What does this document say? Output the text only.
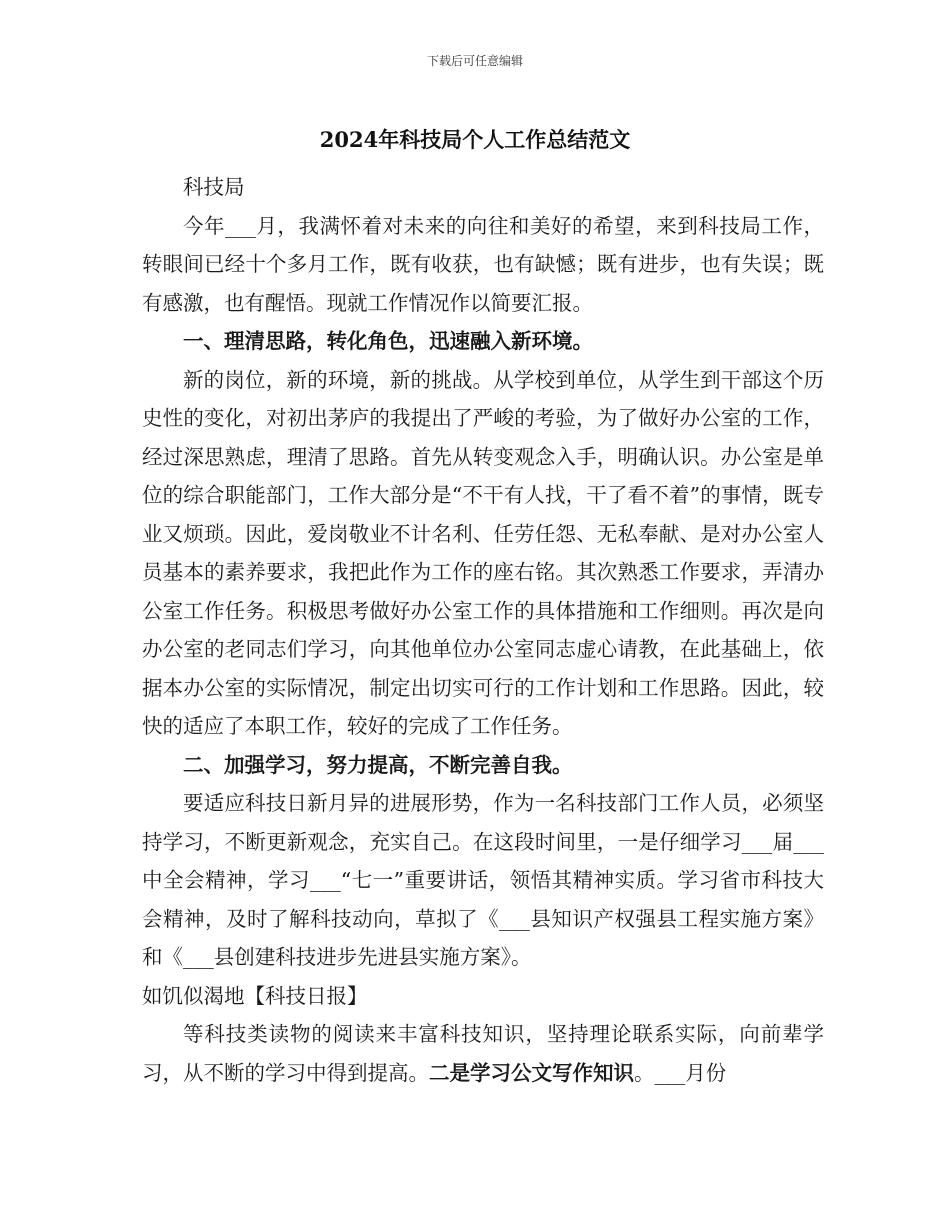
下载后可任意编辑
2024年科技局个人工作总结范文

科技局

今年___月，我满怀着对未来的向往和美好的希望，来到科技局工作，转眼间已经十个多月工作，既有收获，也有缺憾；既有进步，也有失误；既有感激，也有醒悟。现就工作情况作以简要汇报。

一、理清思路，转化角色，迅速融入新环境。

新的岗位，新的环境，新的挑战。从学校到单位，从学生到干部这个历史性的变化，对初出茅庐的我提出了严峻的考验，为了做好办公室的工作，经过深思熟虑，理清了思路。首先从转变观念入手，明确认识。办公室是单位的综合职能部门，工作大部分是“不干有人找，干了看不着”的事情，既专业又烦琐。因此，爱岗敬业不计名利、任劳任怨、无私奉献、是对办公室人员基本的素养要求，我把此作为工作的座右铭。其次熟悉工作要求，弄清办公室工作任务。积极思考做好办公室工作的具体措施和工作细则。再次是向办公室的老同志们学习，向其他单位办公室同志虚心请教，在此基础上，依据本办公室的实际情况，制定出切实可行的工作计划和工作思路。因此，较快的适应了本职工作，较好的完成了工作任务。

二、加强学习，努力提高，不断完善自我。

要适应科技日新月异的进展形势，作为一名科技部门工作人员，必须坚持学习，不断更新观念，充实自己。在这段时间里，一是仔细学习___届___中全会精神，学习___“七一”重要讲话，领悟其精神实质。学习省市科技大会精神，及时了解科技动向，草拟了《___县知识产权强县工程实施方案》和《___县创建科技进步先进县实施方案》。

如饥似渴地【科技日报】

等科技类读物的阅读来丰富科技知识，坚持理论联系实际，向前辈学习，从不断的学习中得到提高。二是学习公文写作知识。___月份
